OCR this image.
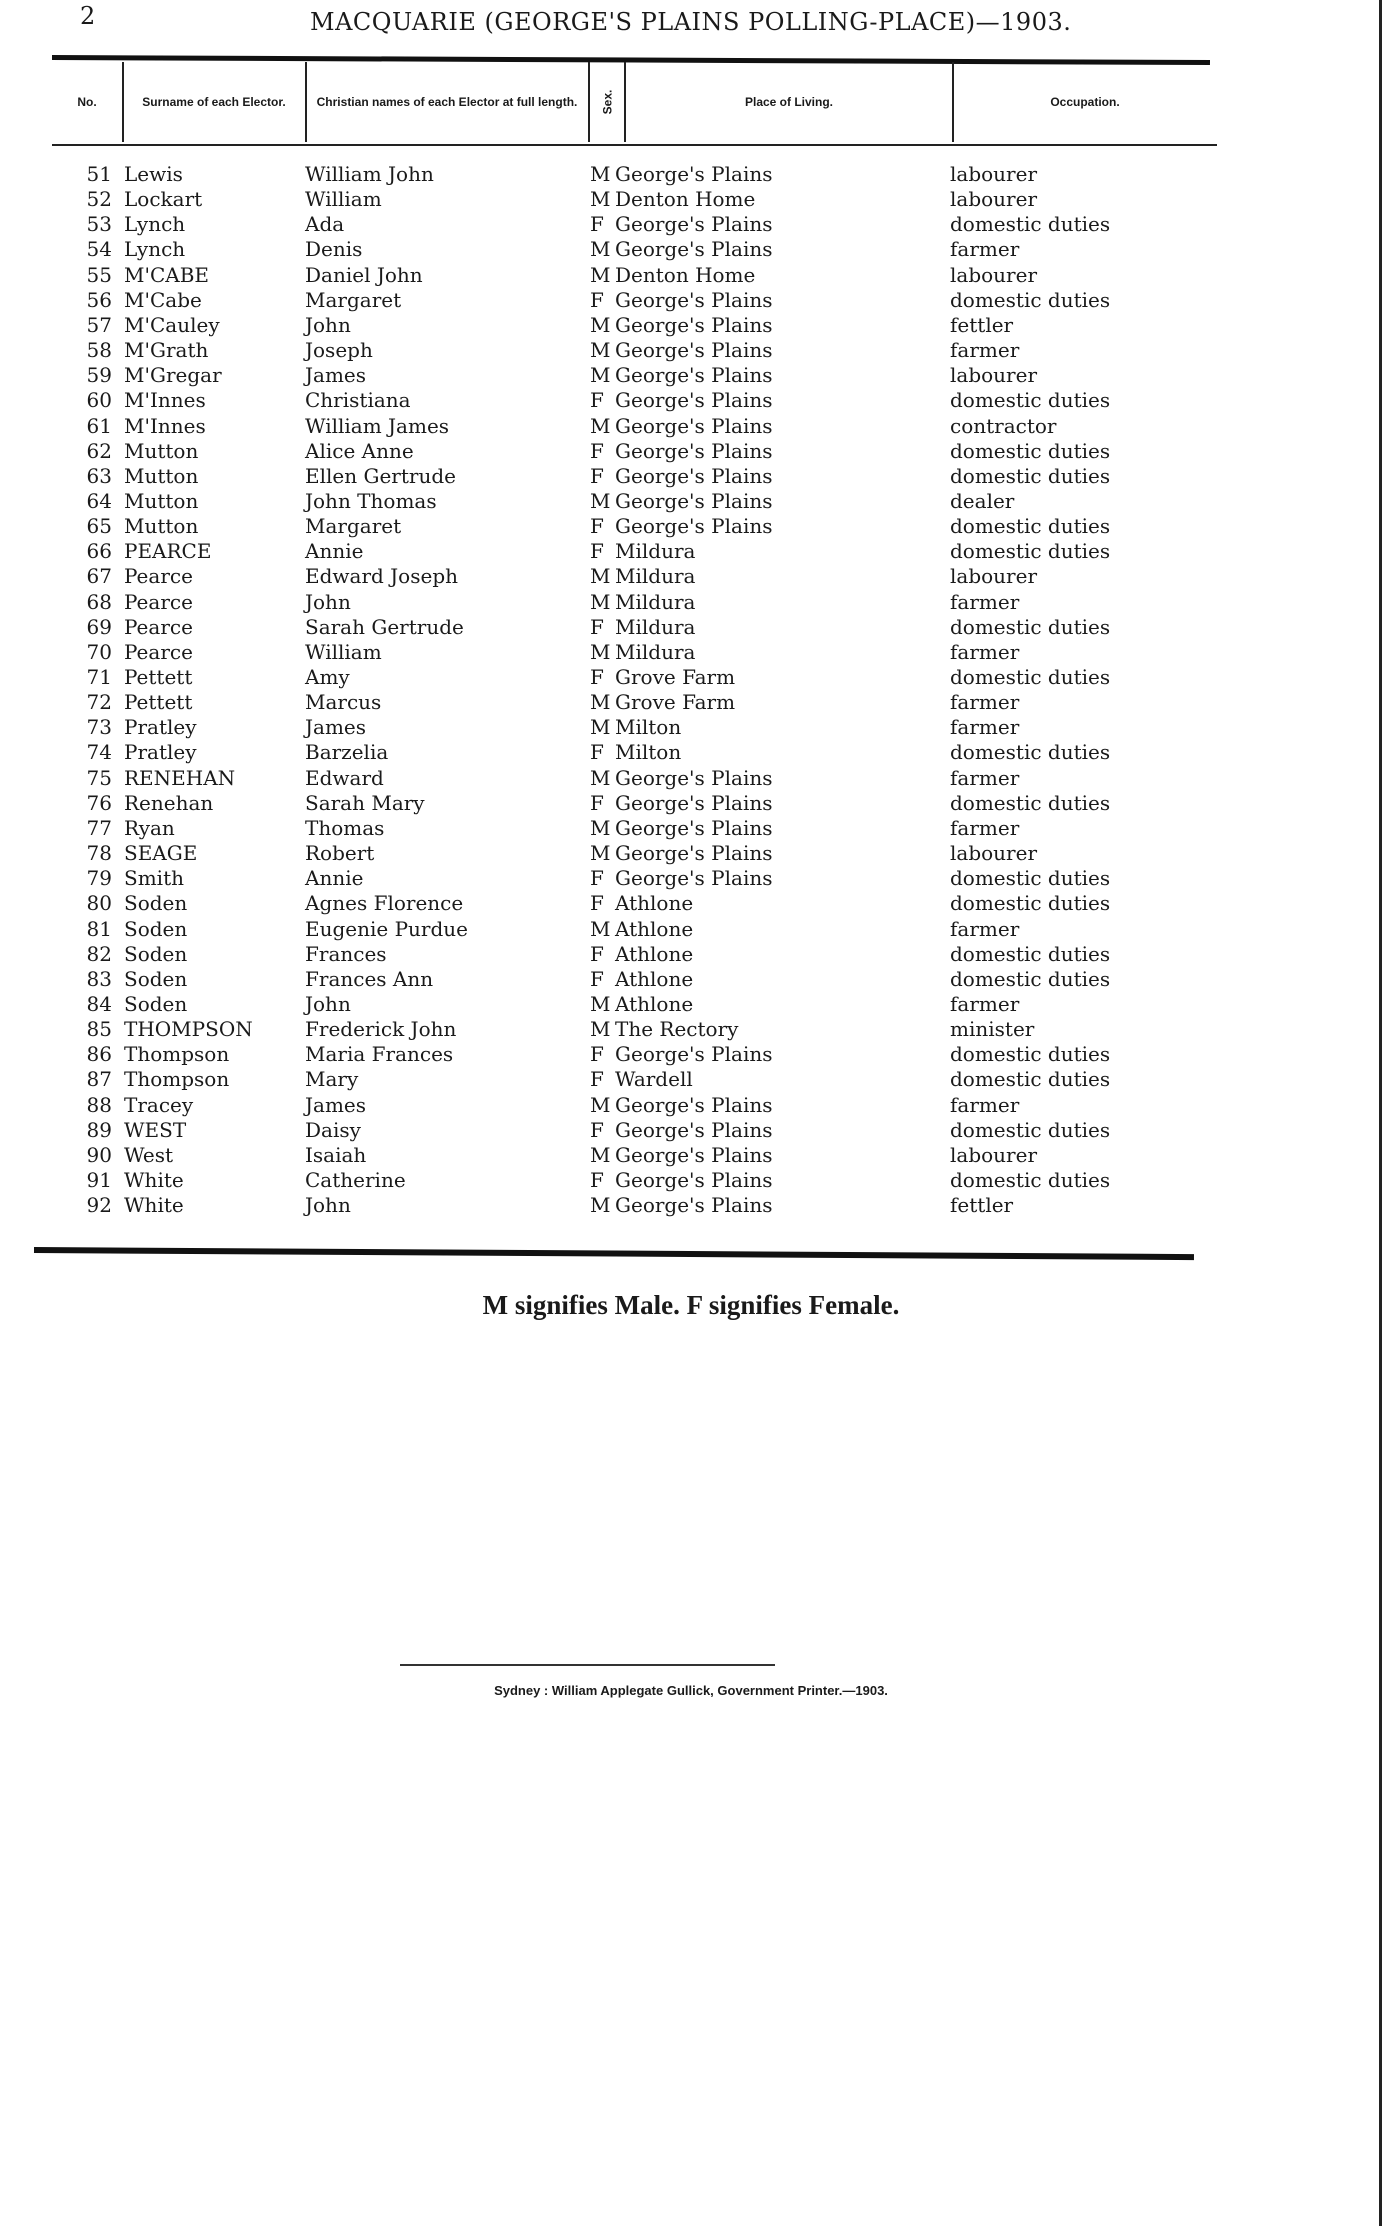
2	MACQUARIE (GEORGE'S PLAINS POLLING-PLACE)—1903.
No.	Surname of each Elector.	Christian names of each Elector at full length.	Sex.	Place of Living.	Occupation.
51 Lewis	William John	M George's Plains	labourer
52 Lockart	William	M Denton Home	labourer
53 Lynch	Ada	F George's Plains	domestic duties
54 Lynch	Denis	M George's Plains	farmer
55 M'CABE	Daniel John	M Denton Home	labourer
56 M'Cabe	Margaret	F George's Plains	domestic duties
57 M'Cauley	John	M George's Plains	fettler
58 M'Grath	Joseph	M George's Plains	farmer
59 M'Gregar	James	M George's Plains	labourer
60 M'Innes	Christiana	F George's Plains	domestic duties
61 M'Innes	William James	M George's Plains	contractor
62 Mutton	Alice Anne	F George's Plains	domestic duties
63 Mutton	Ellen Gertrude	F George's Plains	domestic duties
64 Mutton	John Thomas	M George's Plains	dealer
65 Mutton	Margaret	F George's Plains	domestic duties
66 PEARCE	Annie	F Mildura	domestic duties
67 Pearce	Edward Joseph	M Mildura	labourer
68 Pearce	John	M Mildura	farmer
69 Pearce	Sarah Gertrude	F Mildura	domestic duties
70 Pearce	William	M Mildura	farmer
71 Pettett	Amy	F Grove Farm	domestic duties
72 Pettett	Marcus	M Grove Farm	farmer
73 Pratley	James	M Milton	farmer
74 Pratley	Barzelia	F Milton	domestic duties
75 RENEHAN	Edward	M George's Plains	farmer
76 Renehan	Sarah Mary	F George's Plains	domestic duties
77 Ryan	Thomas	M George's Plains	farmer
78 SEAGE	Robert	M George's Plains	labourer
79 Smith	Annie	F George's Plains	domestic duties
80 Soden	Agnes Florence	F Athlone	domestic duties
81 Soden	Eugenie Purdue	M Athlone	farmer
82 Soden	Frances	F Athlone	domestic duties
83 Soden	Frances Ann	F Athlone	domestic duties
84 Soden	John	M Athlone	farmer
85 THOMPSON	Frederick John	M The Rectory	minister
86 Thompson	Maria Frances	F George's Plains	domestic duties
87 Thompson	Mary	F Wardell	domestic duties
88 Tracey	James	M George's Plains	farmer
89 WEST	Daisy	F George's Plains	domestic duties
90 West	Isaiah	M George's Plains	labourer
91 White	Catherine	F George's Plains	domestic duties
92 White	John	M George's Plains	fettler
M signifies Male. F signifies Female.
Sydney : William Applegate Gullick, Government Printer.—1903.
